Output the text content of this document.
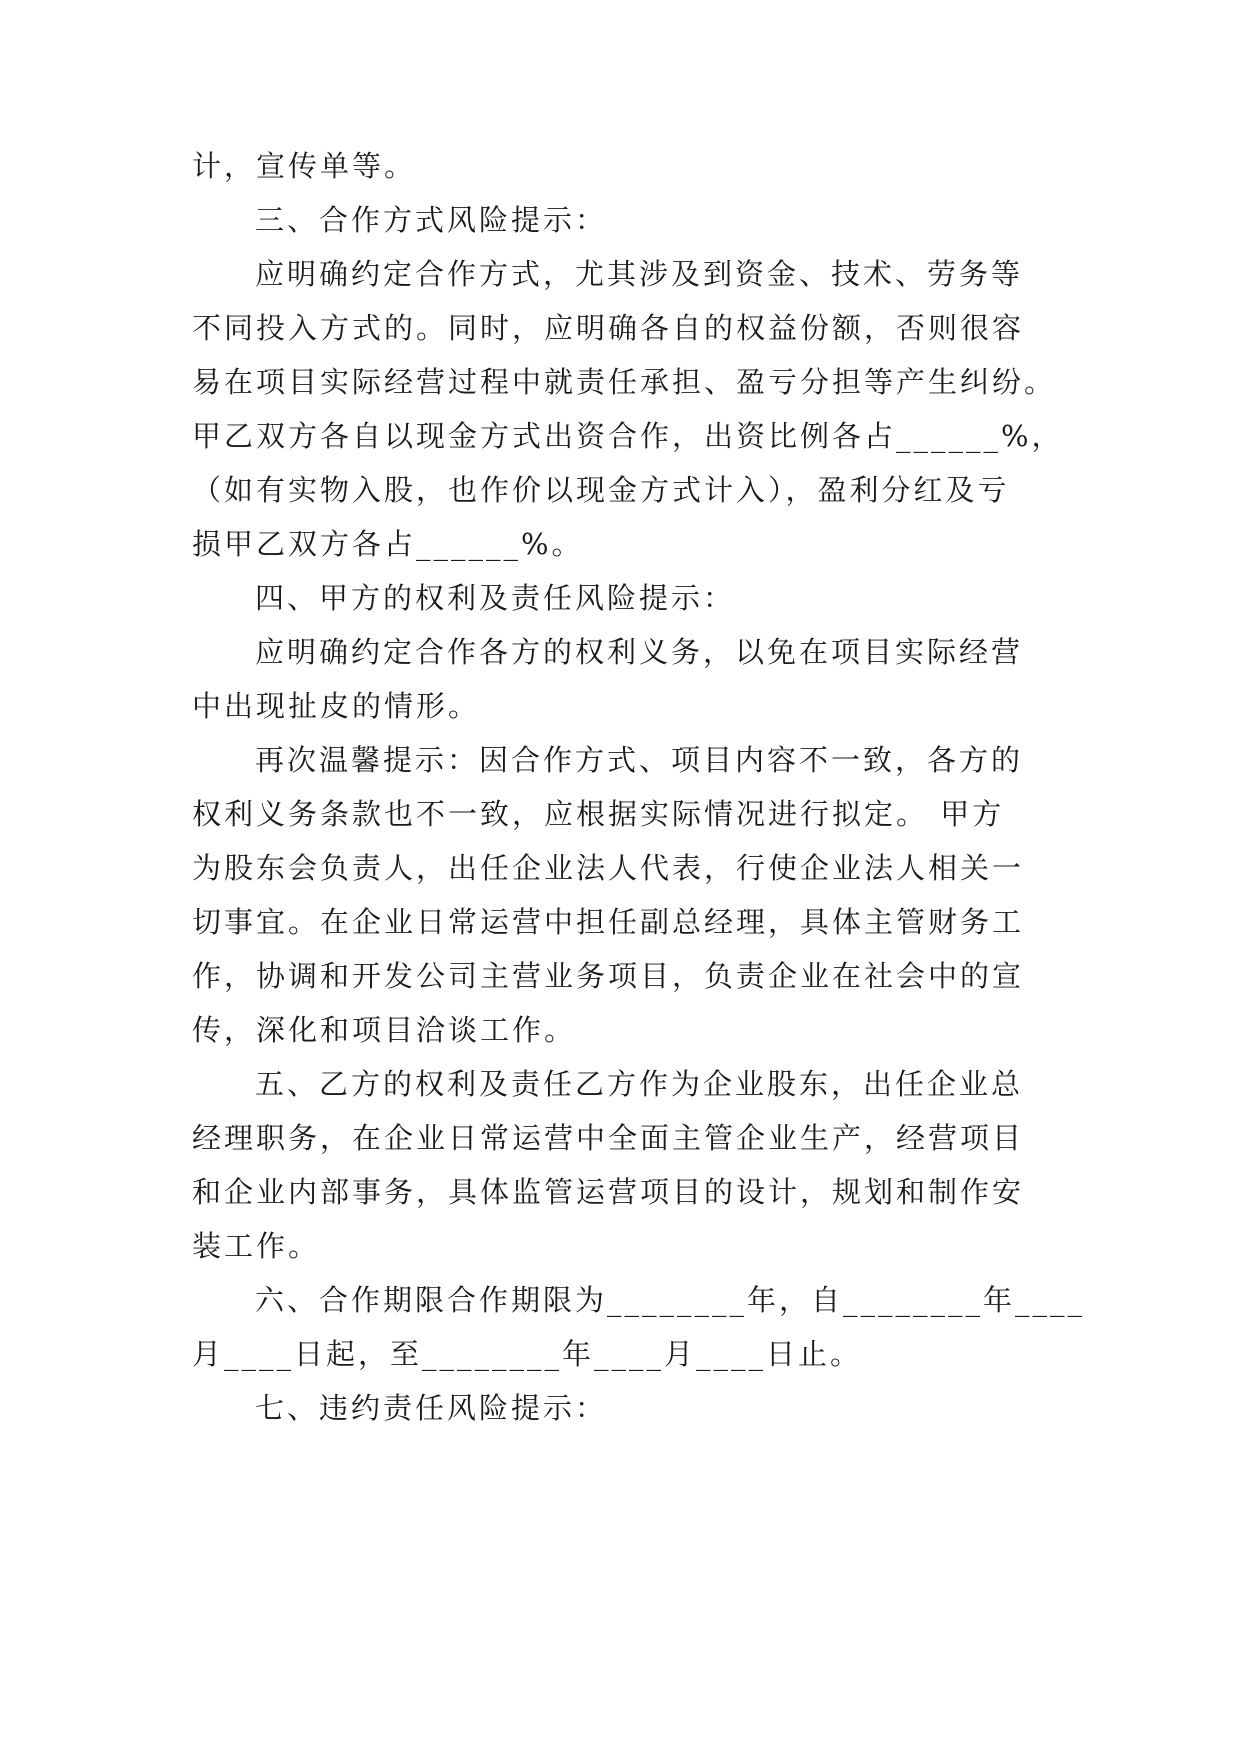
计，宣传单等。
三、合作方式风险提示：
应明确约定合作方式，尤其涉及到资金、技术、劳务等
不同投入方式的。同时，应明确各自的权益份额，否则很容
易在项目实际经营过程中就责任承担、盈亏分担等产生纠纷。
甲乙双方各自以现金方式出资合作，出资比例各占______%，
（如有实物入股，也作价以现金方式计入），盈利分红及亏
损甲乙双方各占______%。
四、甲方的权利及责任风险提示：
应明确约定合作各方的权利义务，以免在项目实际经营
中出现扯皮的情形。
再次温馨提示：因合作方式、项目内容不一致，各方的
权利义务条款也不一致，应根据实际情况进行拟定。 甲方
为股东会负责人，出任企业法人代表，行使企业法人相关一
切事宜。在企业日常运营中担任副总经理，具体主管财务工
作，协调和开发公司主营业务项目，负责企业在社会中的宣
传，深化和项目洽谈工作。
五、乙方的权利及责任乙方作为企业股东，出任企业总
经理职务，在企业日常运营中全面主管企业生产，经营项目
和企业内部事务，具体监管运营项目的设计，规划和制作安
装工作。
六、合作期限合作期限为________年，自________年____
月____日起，至________年____月____日止。
七、违约责任风险提示：
